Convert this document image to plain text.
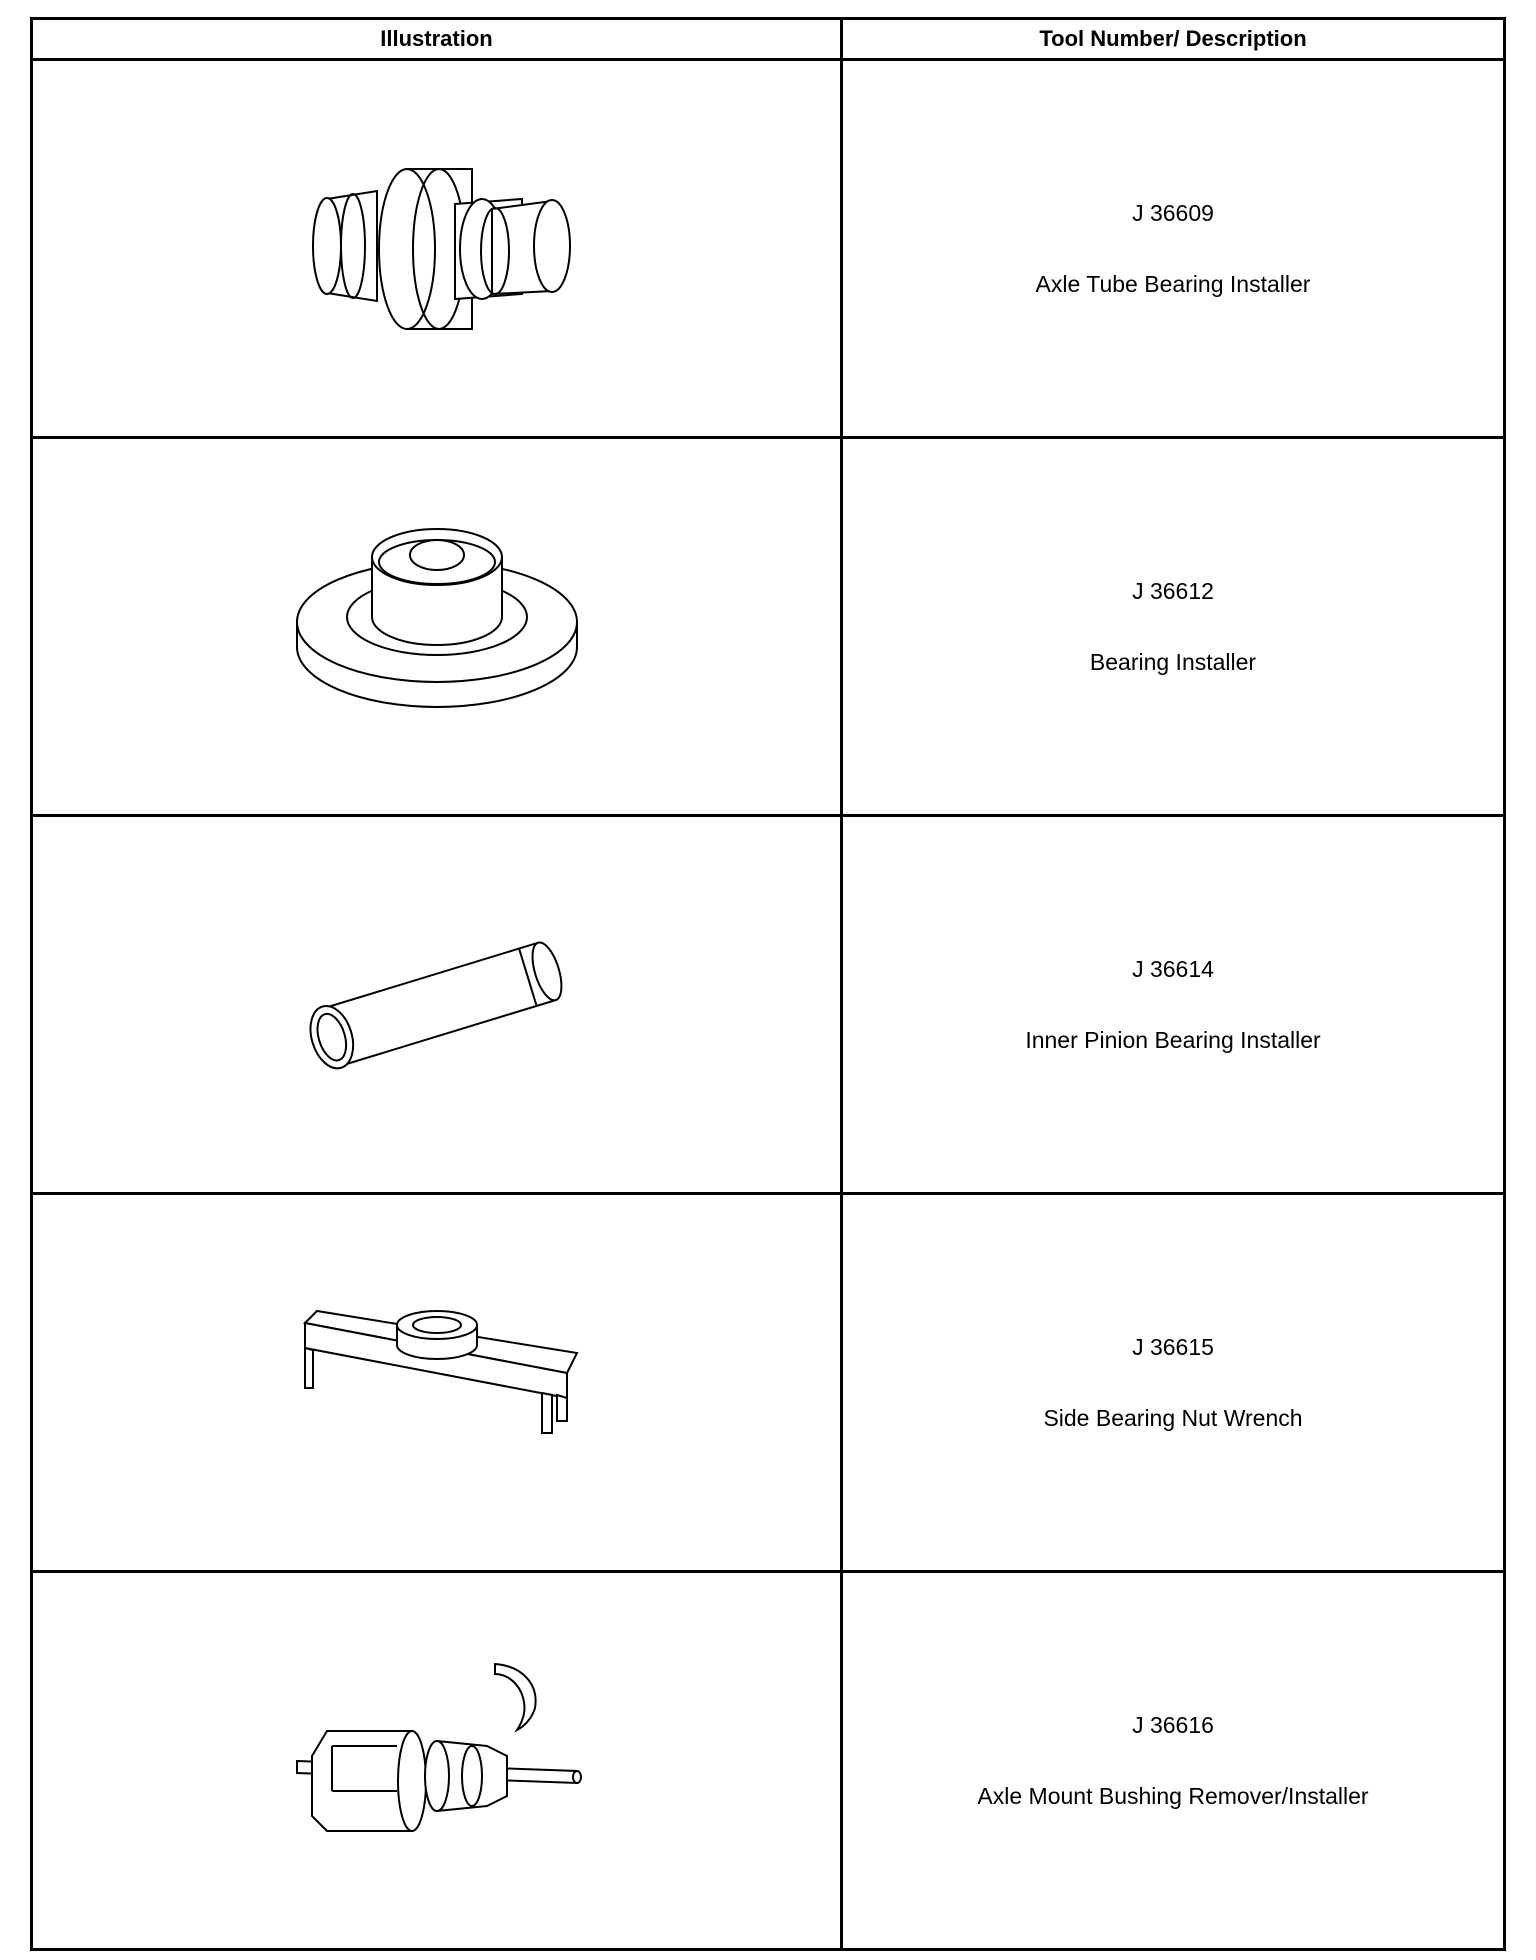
Illustration	Tool Number/ Description

J 36609
Axle Tube Bearing Installer

J 36612
Bearing Installer

J 36614
Inner Pinion Bearing Installer

J 36615
Side Bearing Nut Wrench

J 36616
Axle Mount Bushing Remover/Installer
